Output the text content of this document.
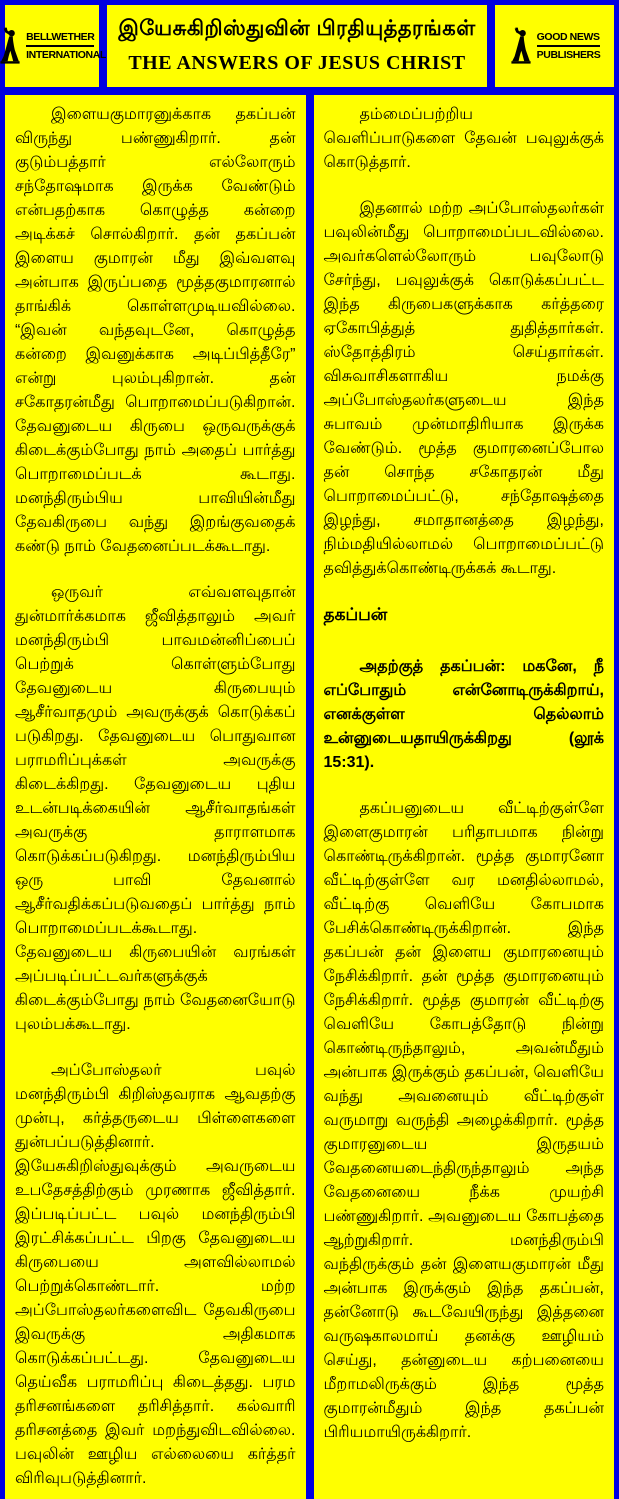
BELLWETHER
INTERNATIONAL
இயேசுகிறிஸ்துவின் பிரதியுத்தரங்கள்
THE ANSWERS OF JESUS CHRIST
GOOD NEWS
PUBLISHERS

இளையகுமாரனுக்காக தகப்பன் விருந்து பண்ணுகிறார். தன் குடும்பத்தார் எல்லோரும் சந்தோஷமாக இருக்க வேண்டும் என்பதற்காக கொழுத்த கன்றை அடிக்கச் சொல்கிறார். தன் தகப்பன் இளைய குமாரன் மீது இவ்வளவு அன்பாக இருப்பதை மூத்தகுமாரனால் தாங்கிக் கொள்ளமுடியவில்லை. “இவன் வந்தவுடனே, கொழுத்த கன்றை இவனுக்காக அடிப்பித்தீரே” என்று புலம்புகிறான். தன் சகோதரன்மீது பொறாமைப்படுகிறான். தேவனுடைய கிருபை ஒருவருக்குக் கிடைக்கும்போது நாம் அதைப் பார்த்து பொறாமைப்படக் கூடாது. மனந்திரும்பிய பாவியின்மீது தேவகிருபை வந்து இறங்குவதைக் கண்டு நாம் வேதனைப்படக்கூடாது.

ஒருவர் எவ்வளவுதான் துன்மார்க்கமாக ஜீவித்தாலும் அவர் மனந்திரும்பி பாவமன்னிப்பைப் பெற்றுக் கொள்ளும்போது தேவனுடைய கிருபையும் ஆசீர்வாதமும் அவருக்குக் கொடுக்கப் படுகிறது. தேவனுடைய பொதுவான பராமரிப்புக்கள் அவருக்கு கிடைக்கிறது. தேவனுடைய புதிய உடன்படிக்கையின் ஆசீர்வாதங்கள் அவருக்கு தாராளமாக கொடுக்கப்படுகிறது. மனந்திரும்பிய ஒரு பாவி தேவனால் ஆசீர்வதிக்கப்படுவதைப் பார்த்து நாம் பொறாமைப்படக்கூடாது. தேவனுடைய கிருபையின் வரங்கள் அப்படிப்பட்டவர்களுக்குக் கிடைக்கும்போது நாம் வேதனையோடு புலம்பக்கூடாது.

அப்போஸ்தலர் பவுல் மனந்திரும்பி கிறிஸ்தவராக ஆவதற்கு முன்பு, கர்த்தருடைய பிள்ளைகளை துன்பப்படுத்தினார். இயேசுகிறிஸ்துவுக்கும் அவருடைய உபதேசத்திற்கும் முரணாக ஜீவித்தார். இப்படிப்பட்ட பவுல் மனந்திரும்பி இரட்சிக்கப்பட்ட பிறகு தேவனுடைய கிருபையை அளவில்லாமல் பெற்றுக்கொண்டார். மற்ற அப்போஸ்தலர்களைவிட தேவகிருபை இவருக்கு அதிகமாக கொடுக்கப்பட்டது. தேவனுடைய தெய்வீக பராமரிப்பு கிடைத்தது. பரம தரிசனங்களை தரிசித்தார். கல்வாரி தரிசனத்தை இவர் மறந்துவிடவில்லை. பவுலின் ஊழிய எல்லையை கர்த்தர் விரிவுபடுத்தினார்.

தம்மைப்பற்றிய வெளிப்பாடுகளை தேவன் பவுலுக்குக் கொடுத்தார்.

இதனால் மற்ற அப்போஸ்தலர்கள் பவுலின்மீது பொறாமைப்படவில்லை. அவர்களெல்லோரும் பவுலோடு சேர்ந்து, பவுலுக்குக் கொடுக்கப்பட்ட இந்த கிருபைகளுக்காக கர்த்தரை ஏகோபித்துத் துதித்தார்கள். ஸ்தோத்திரம் செய்தார்கள். விசுவாசிகளாகிய நமக்கு அப்போஸ்தலர்களுடைய இந்த சுபாவம் முன்மாதிரியாக இருக்க வேண்டும். மூத்த குமாரனைப்போல தன் சொந்த சகோதரன் மீது பொறாமைப்பட்டு, சந்தோஷத்தை இழந்து, சமாதானத்தை இழந்து, நிம்மதியில்லாமல் பொறாமைப்பட்டு தவித்துக்கொண்டிருக்கக் கூடாது.

தகப்பன்

அதற்குத் தகப்பன்: மகனே, நீ எப்போதும் என்னோடிருக்கிறாய், எனக்குள்ள தெல்லாம் உன்னுடையதாயிருக்கிறது (லூக் 15:31).

தகப்பனுடைய வீட்டிற்குள்ளே இளைகுமாரன் பரிதாபமாக நின்று கொண்டிருக்கிறான். மூத்த குமாரனோ வீட்டிற்குள்ளே வர மனதில்லாமல், வீட்டிற்கு வெளியே கோபமாக பேசிக்கொண்டிருக்கிறான். இந்த தகப்பன் தன் இளைய குமாரனையும் நேசிக்கிறார். தன் மூத்த குமாரனையும் நேசிக்கிறார். மூத்த குமாரன் வீட்டிற்கு வெளியே கோபத்தோடு நின்று கொண்டிருந்தாலும், அவன்மீதும் அன்பாக இருக்கும் தகப்பன், வெளியே வந்து அவனையும் வீட்டிற்குள் வருமாறு வருந்தி அழைக்கிறார். மூத்த குமாரனுடைய இருதயம் வேதனையடைந்திருந்தாலும் அந்த வேதனையை நீக்க முயற்சி பண்ணுகிறார். அவனுடைய கோபத்தை ஆற்றுகிறார். மனந்திரும்பி வந்திருக்கும் தன் இளையகுமாரன் மீது அன்பாக இருக்கும் இந்த தகப்பன், தன்னோடு கூடவேயிருந்து இத்தனை வருஷகாலமாய் தனக்கு ஊழியம் செய்து, தன்னுடைய கற்பனையை மீறாமலிருக்கும் இந்த மூத்த குமாரன்மீதும் இந்த தகப்பன் பிரியமாயிருக்கிறார்.
